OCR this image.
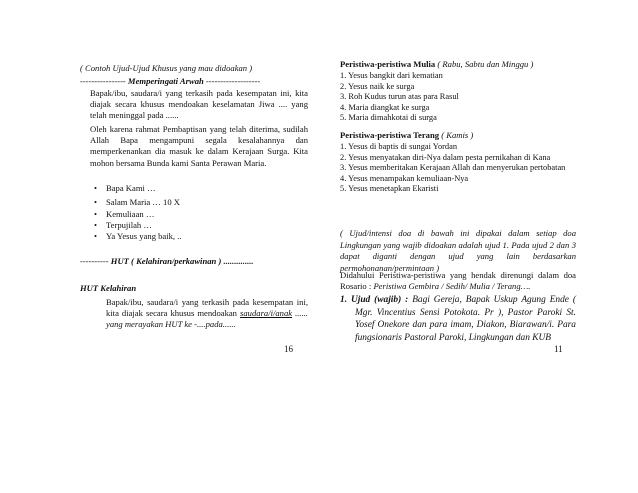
( Contoh Ujud-Ujud Khusus yang mau didoakan )
---------------- Memperingati Arwah -------------------
Bapak/ibu, saudara/i yang terkasih pada kesempatan ini, kita diajak secara khusus mendoakan keselamatan Jiwa .... yang telah meninggal pada ......
Oleh karena rahmat Pembaptisan yang telah diterima, sudilah Allah Bapa mengampuni segala kesalahannya dan memperkenankan dia masuk ke dalam Kerajaan Surga. Kita mohon bersama Bunda kami Santa Perawan Maria.
• Bapa Kami …
• Salam Maria … 10 X
• Kemuliaan …
• Terpujilah …
• Ya Yesus yang baik, ..
---------- HUT ( Kelahiran/perkawinan ) ..............
HUT Kelahiran
Bapak/ibu, saudara/i yang terkasih pada kesempatan ini, kita diajak secara khusus mendoakan saudara/i/anak ...... yang merayakan HUT ke -....pada......
16
Peristiwa-peristiwa Mulia ( Rabu, Sabtu dan Minggu )
1. Yesus bangkit dari kematian
2. Yesus naik ke surga
3. Roh Kudus turun atas para Rasul
4. Maria diangkat ke surga
5. Maria dimahkotai di surga
Peristiwa-peristiwa Terang ( Kamis )
1. Yesus di baptis di sungai Yordan
2. Yesus menyatakan diri-Nya dalam pesta pernikahan di Kana
3. Yesus memberitakan Kerajaan Allah dan menyerukan pertobatan
4. Yesus menampakan kemuliaan-Nya
5. Yesus menetapkan Ekaristi
( Ujud/intensi doa di bawah ini dipakai dalam setiap doa Lingkungan yang wajib didoakan adalah ujud 1. Pada ujud 2 dan 3 dapat diganti dengan ujud yang lain berdasarkan permohonanan/permintaan )
Didahului Peristiwa-peristiwa yang hendak direnungi dalam doa Rosario : Peristiwa Gembira / Sedih/ Mulia / Terang….
1. Ujud (wajib) : Bagi Gereja, Bapak Uskup Agung Ende ( Mgr. Vincentius Sensi Potokota. Pr ), Pastor Paroki St. Yosef Onekore dan para imam, Diakon, Biarawan/i. Para fungsionaris Pastoral Paroki, Lingkungan dan KUB
11
